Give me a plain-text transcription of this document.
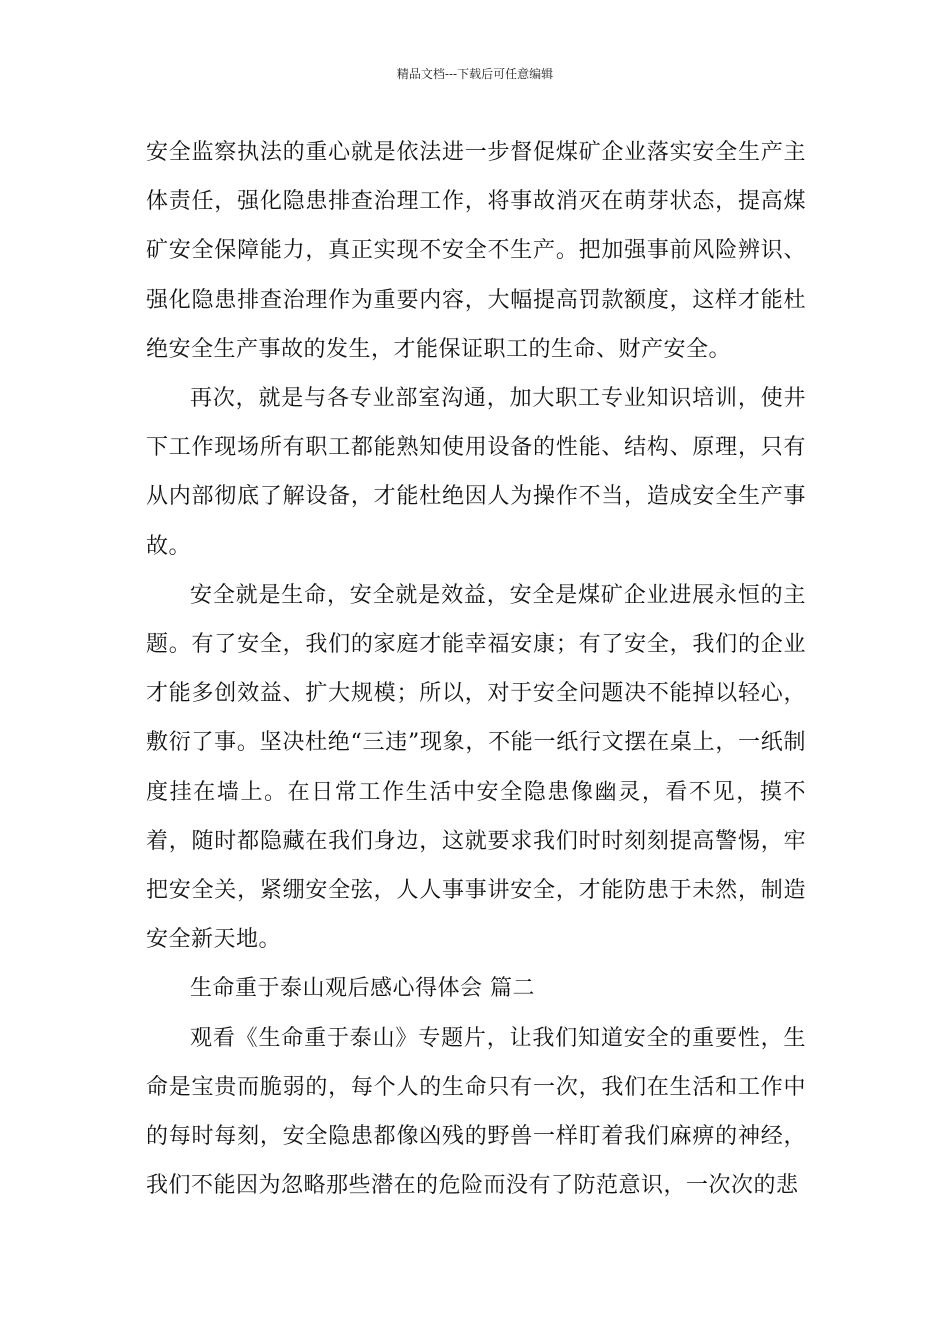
精品文档---下载后可任意编辑

安全监察执法的重心就是依法进一步督促煤矿企业落实安全生产主体责任，强化隐患排查治理工作，将事故消灭在萌芽状态，提高煤矿安全保障能力，真正实现不安全不生产。把加强事前风险辨识、强化隐患排查治理作为重要内容，大幅提高罚款额度，这样才能杜绝安全生产事故的发生，才能保证职工的生命、财产安全。

再次，就是与各专业部室沟通，加大职工专业知识培训，使井下工作现场所有职工都能熟知使用设备的性能、结构、原理，只有从内部彻底了解设备，才能杜绝因人为操作不当，造成安全生产事故。

安全就是生命，安全就是效益，安全是煤矿企业进展永恒的主题。有了安全，我们的家庭才能幸福安康；有了安全，我们的企业才能多创效益、扩大规模；所以，对于安全问题决不能掉以轻心，敷衍了事。坚决杜绝“三违”现象，不能一纸行文摆在桌上，一纸制度挂在墙上。在日常工作生活中安全隐患像幽灵，看不见，摸不着，随时都隐藏在我们身边，这就要求我们时时刻刻提高警惕，牢把安全关，紧绷安全弦，人人事事讲安全，才能防患于未然，制造安全新天地。

生命重于泰山观后感心得体会 篇二

观看《生命重于泰山》专题片，让我们知道安全的重要性，生命是宝贵而脆弱的，每个人的生命只有一次，我们在生活和工作中的每时每刻，安全隐患都像凶残的野兽一样盯着我们麻痹的神经，我们不能因为忽略那些潜在的危险而没有了防范意识，一次次的悲
